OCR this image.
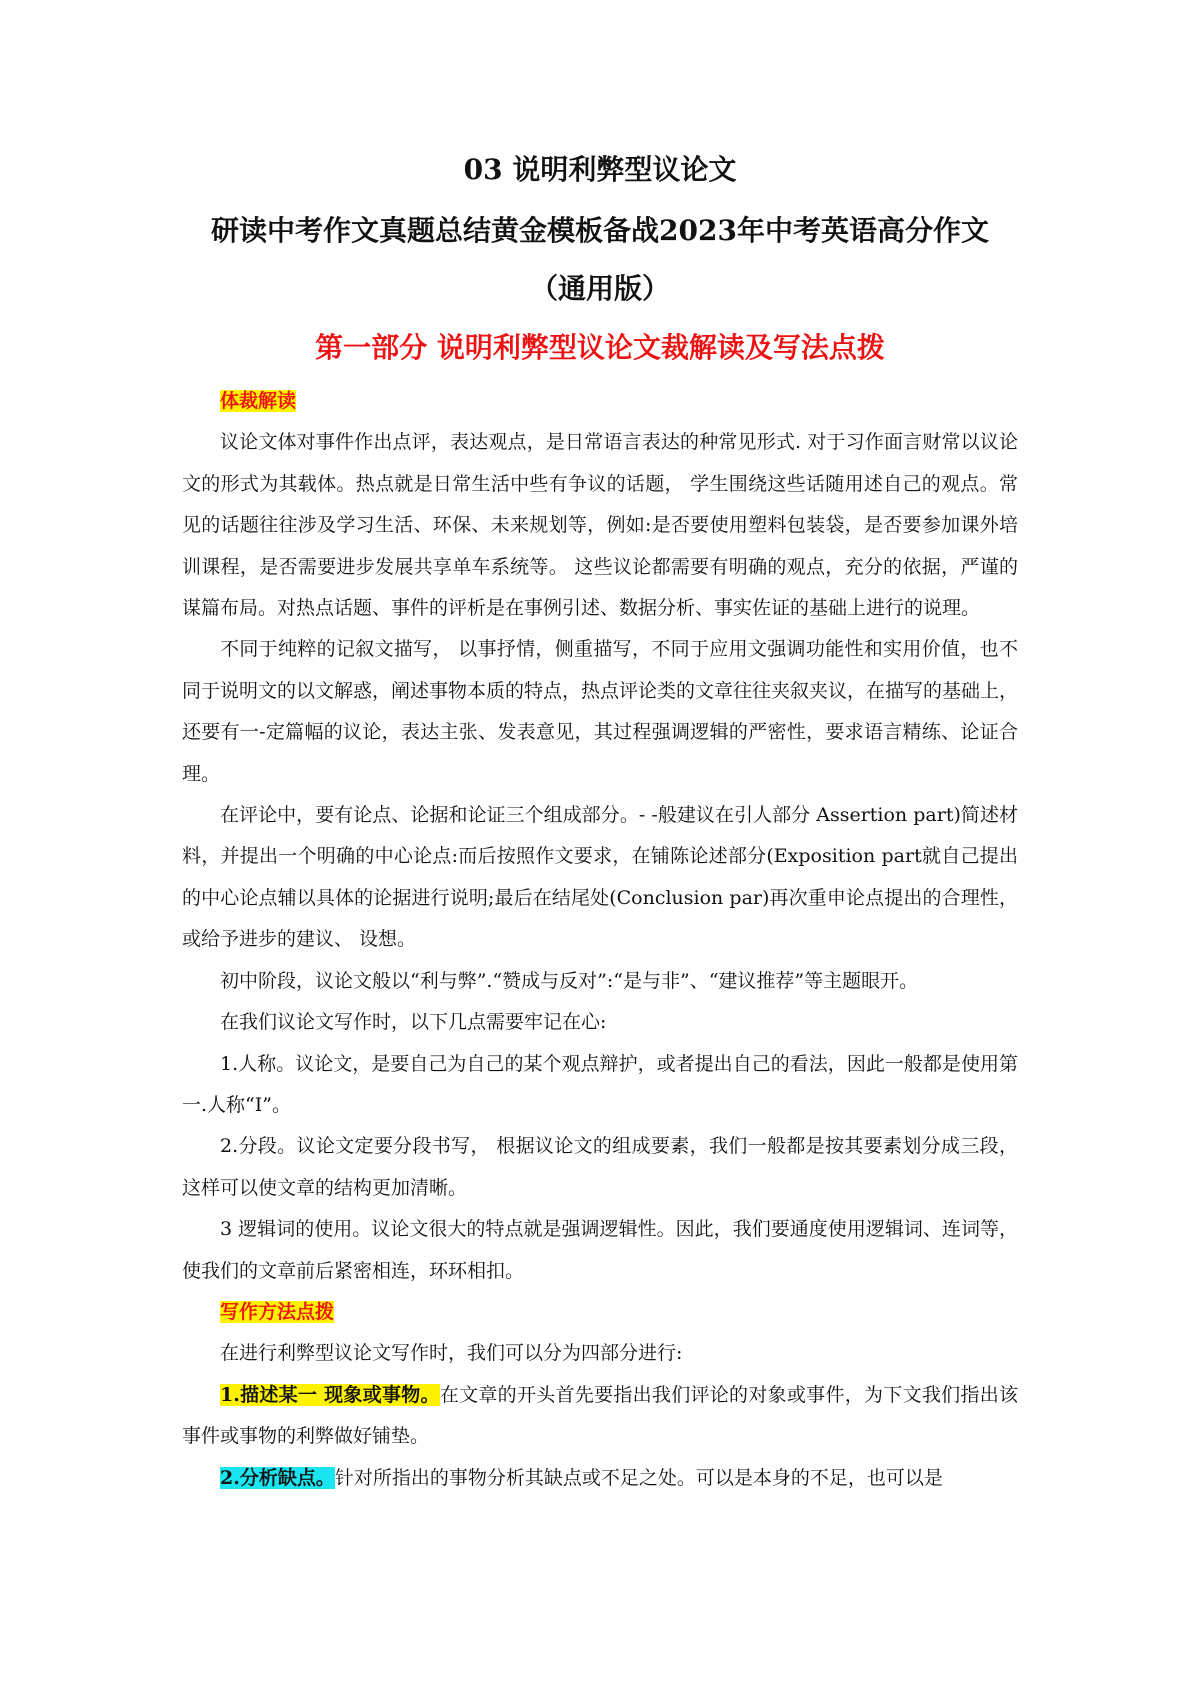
03 说明利弊型议论文
研读中考作文真题总结黄金模板备战2023年中考英语高分作文
（通用版）
第一部分 说明利弊型议论文裁解读及写法点拨

体裁解读

议论文体对事件作出点评，表达观点，是日常语言表达的种常见形式. 对于习作面言财常以议论文的形式为其载体。热点就是日常生活中些有争议的话题， 学生围绕这些话随用述自己的观点。常见的话题往往涉及学习生活、环保、未来规划等，例如:是否要使用塑料包装袋，是否要参加课外培训课程，是否需要进步发展共享单车系统等。 这些议论都需要有明确的观点，充分的依据，严谨的谋篇布局。对热点话题、事件的评析是在事例引述、数据分析、事实佐证的基础上进行的说理。

不同于纯粹的记叙文描写， 以事抒情，侧重描写，不同于应用文强调功能性和实用价值，也不同于说明文的以文解惑，阐述事物本质的特点，热点评论类的文章往往夹叙夹议，在描写的基础上，还要有一-定篇幅的议论，表达主张、发表意见，其过程强调逻辑的严密性，要求语言精练、论证合理。

在评论中，要有论点、论据和论证三个组成部分。- -般建议在引人部分 Assertion part)简述材料，并提出一个明确的中心论点:而后按照作文要求，在铺陈论述部分(Exposition part就自己提出的中心论点辅以具体的论据进行说明;最后在结尾处(Conclusion par)再次重申论点提出的合理性，或给予进步的建议、 设想。

初中阶段，议论文般以“利与弊”.“赞成与反对”:“是与非”、“建议推荐”等主题眼开。

在我们议论文写作时，以下几点需要牢记在心:

1.人称。议论文，是要自己为自己的某个观点辩护，或者提出自己的看法，因此一般都是使用第一.人称“I”。

2.分段。议论文定要分段书写， 根据议论文的组成要素，我们一般都是按其要素划分成三段，这样可以使文章的结构更加清晰。

3 逻辑词的使用。议论文很大的特点就是强调逻辑性。因此，我们要通度使用逻辑词、连词等，使我们的文章前后紧密相连，环环相扣。

写作方法点拨

在进行利弊型议论文写作时，我们可以分为四部分进行:

1.描述某一 现象或事物。在文章的开头首先要指出我们评论的对象或事件，为下文我们指出该事件或事物的利弊做好铺垫。

2.分析缺点。针对所指出的事物分析其缺点或不足之处。可以是本身的不足，也可以是
